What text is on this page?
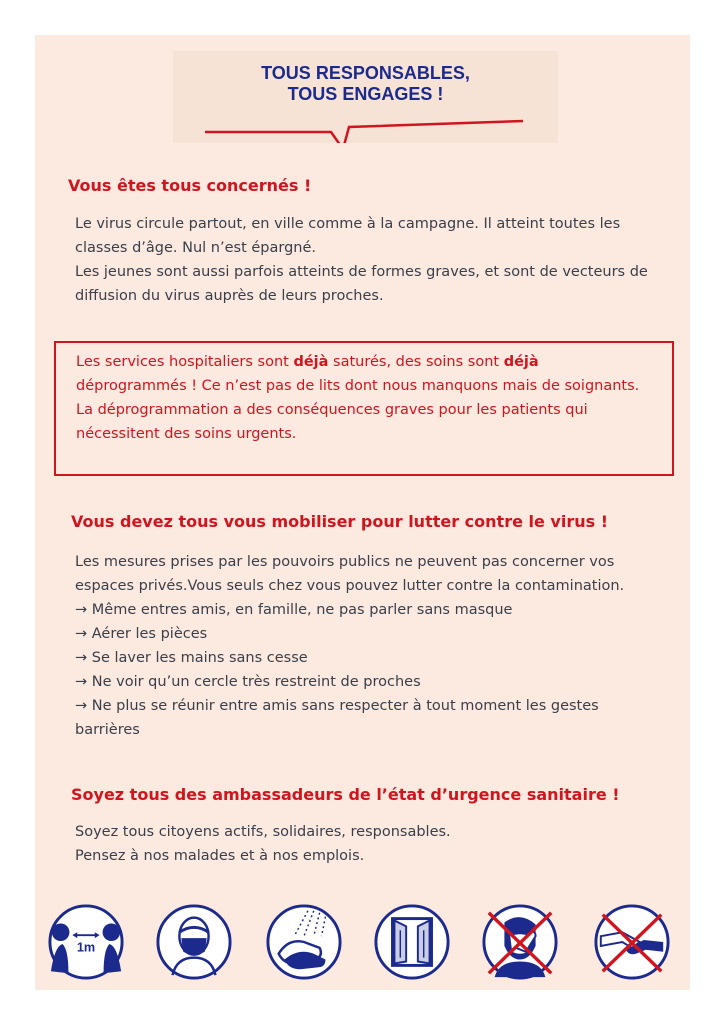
TOUS RESPONSABLES,
TOUS ENGAGES !
Vous êtes tous concernés !

Le virus circule partout, en ville comme à la campagne. Il atteint toutes les classes d’âge. Nul n’est épargné.

Les jeunes sont aussi parfois atteints de formes graves, et sont de vecteurs de diffusion du virus auprès de leurs proches.

Les services hospitaliers sont déjà saturés, des soins sont déjà déprogrammés ! Ce n’est pas de lits dont nous manquons mais de soignants.

La déprogrammation a des conséquences graves pour les patients qui nécessitent des soins urgents.

Vous devez tous vous mobiliser pour lutter contre le virus !

Les mesures prises par les pouvoirs publics ne peuvent pas concerner vos espaces privés.Vous seuls chez vous pouvez lutter contre la contamination.

→ Même entres amis, en famille, ne pas parler sans masque
→ Aérer les pièces
→ Se laver les mains sans cesse
→ Ne voir qu’un cercle très restreint de proches
→ Ne plus se réunir entre amis sans respecter à tout moment les gestes barrières
Soyez tous des ambassadeurs de l’état d’urgence sanitaire !

Soyez tous citoyens actifs, solidaires, responsables.

Pensez à nos malades et à nos emplois.

1m
